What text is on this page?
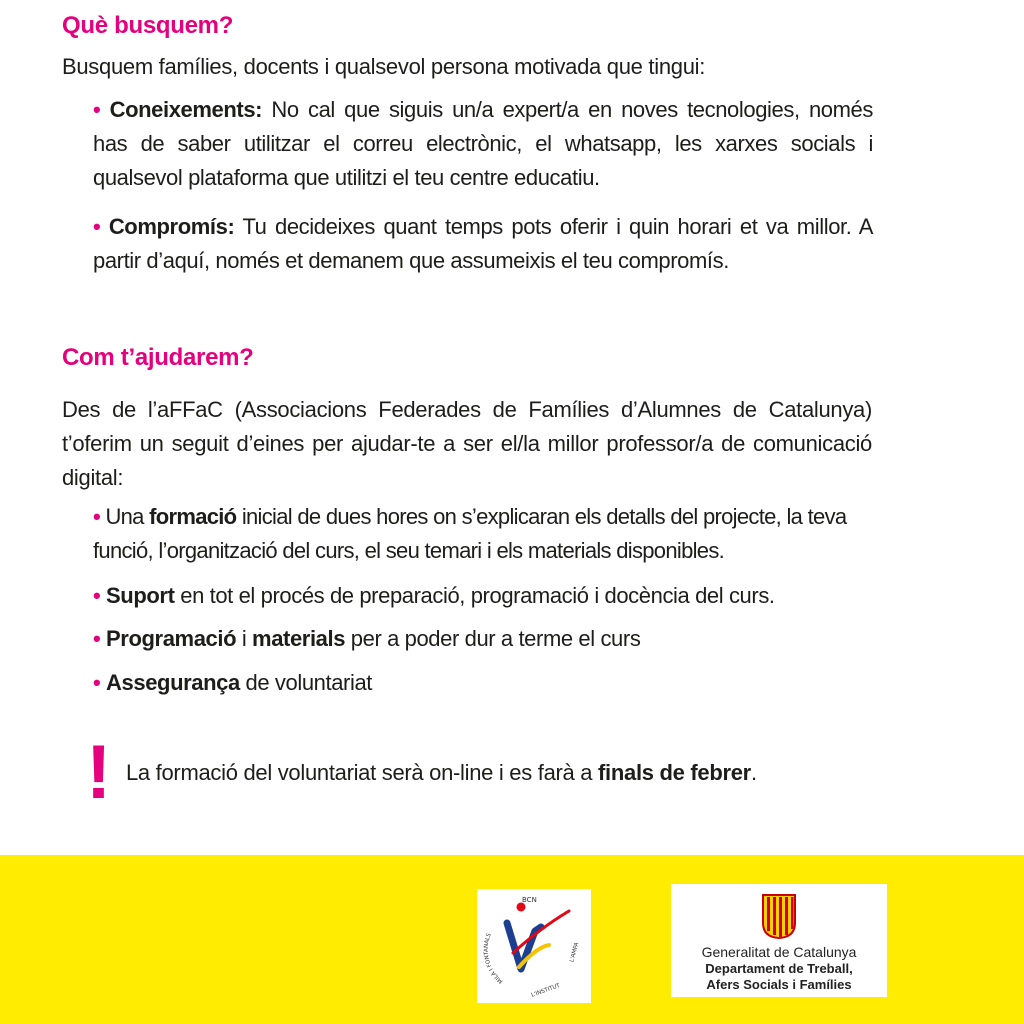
Què busquem?

Busquem famílies, docents i qualsevol persona motivada que tingui:

• Coneixements: No cal que siguis un/a expert/a en noves tecnologies, només has de saber utilitzar el correu electrònic, el whatsapp, les xarxes socials i qualsevol plataforma que utilitzi el teu centre educatiu.

• Compromís: Tu decideixes quant temps pots oferir i quin horari et va millor. A partir d’aquí, només et demanem que assumeixis el teu compromís.

Com t’ajudarem?

Des de l’aFFaC (Associacions Federades de Famílies d’Alumnes de Catalunya) t’oferim un seguit d’eines per ajudar-te a ser el/la millor professor/a de comunicació digital:

• Una formació inicial de dues hores on s’explicaran els detalls del projecte, la teva funció, l’organització del curs, el seu temari i els materials disponibles.

• Suport en tot el procés de preparació, programació i docència del curs.

• Programació i materials per a poder dur a terme el curs

• Assegurança de voluntariat

! La formació del voluntariat serà on-line i es farà a finals de febrer.

BCN
MILÀ I FONTANALS
L'INSTITUT
L'AMPA	Generalitat de Catalunya
Departament de Treball,
Afers Socials i Famílies
